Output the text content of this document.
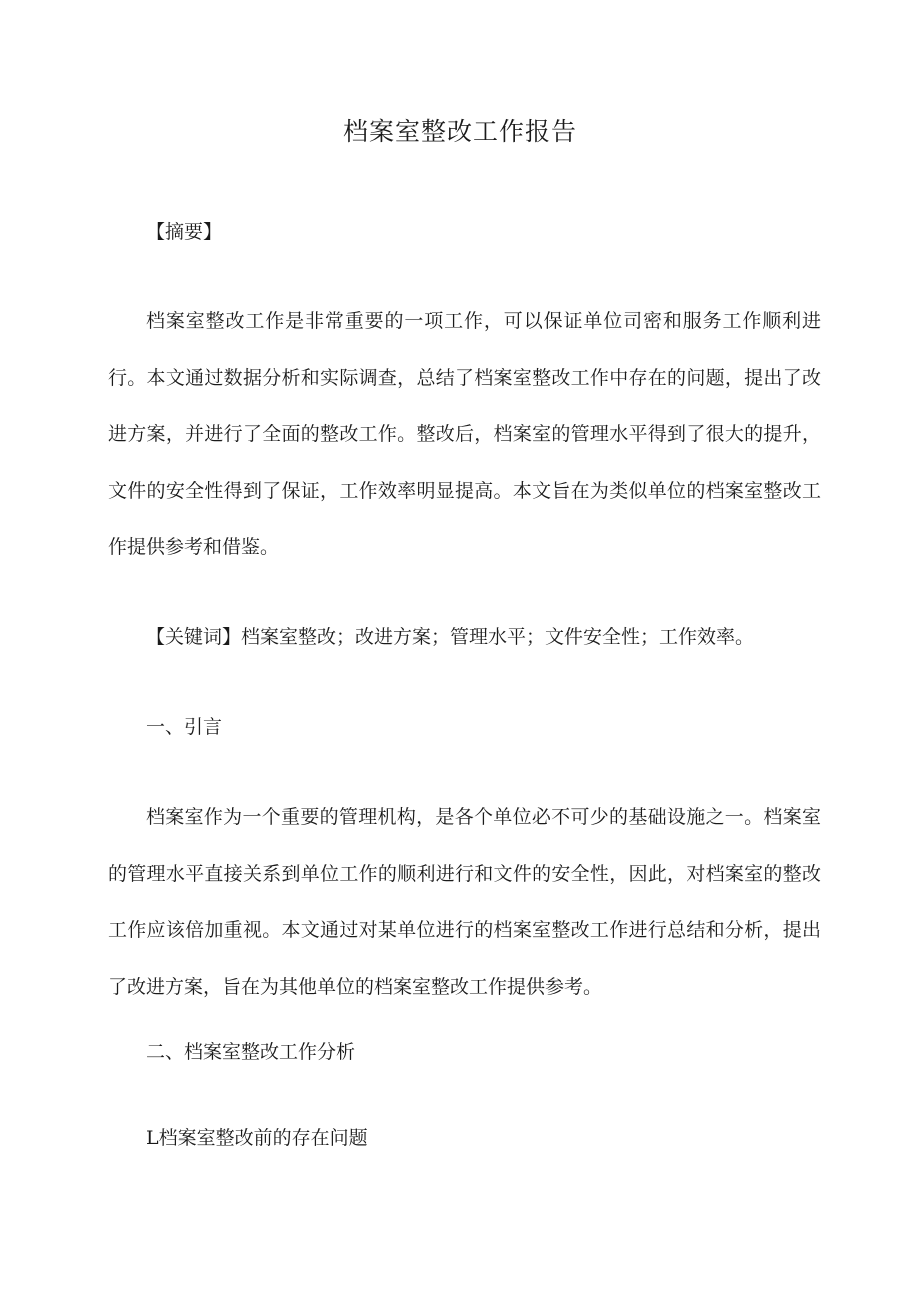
档案室整改工作报告
【摘要】

档案室整改工作是非常重要的一项工作，可以保证单位司密和服务工作顺利进行。本文通过数据分析和实际调查，总结了档案室整改工作中存在的问题，提出了改进方案，并进行了全面的整改工作。整改后，档案室的管理水平得到了很大的提升，文件的安全性得到了保证，工作效率明显提高。本文旨在为类似单位的档案室整改工作提供参考和借鉴。

【关键词】档案室整改；改进方案；管理水平；文件安全性；工作效率。
一、引言

档案室作为一个重要的管理机构，是各个单位必不可少的基础设施之一。档案室的管理水平直接关系到单位工作的顺利进行和文件的安全性，因此，对档案室的整改工作应该倍加重视。本文通过对某单位进行的档案室整改工作进行总结和分析，提出了改进方案，旨在为其他单位的档案室整改工作提供参考。

二、档案室整改工作分析
L档案室整改前的存在问题
